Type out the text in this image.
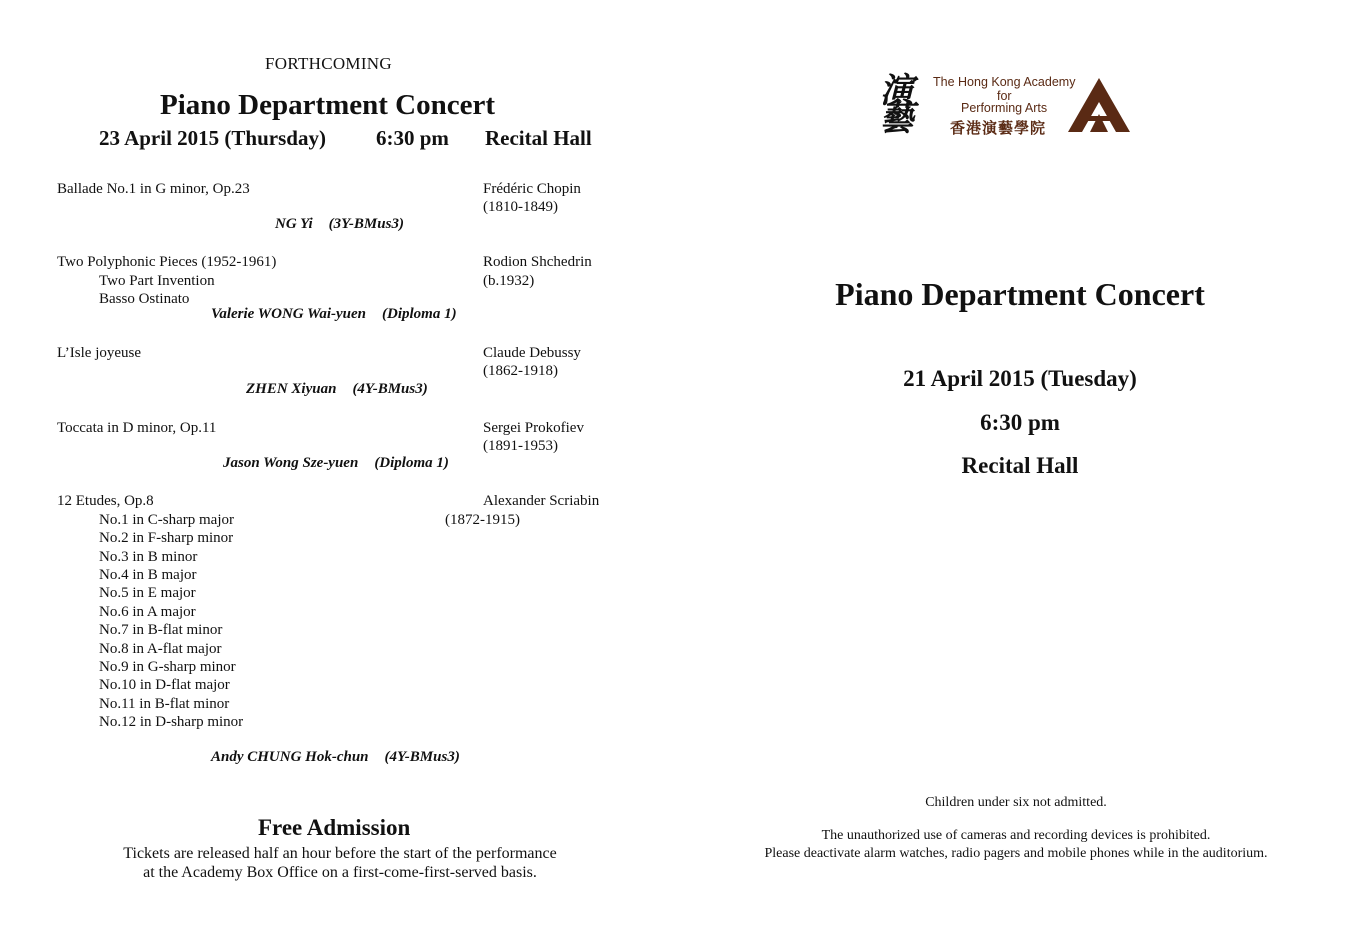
FORTHCOMING
Piano Department Concert
23 April 2015 (Thursday) 6:30 pm Recital Hall
Ballade No.1 in G minor, Op.23	Frédéric Chopin
(1810-1849)
NG Yi (3Y-BMus3)
Two Polyphonic Pieces (1952-1961)	Rodion Shchedrin
Two Part Invention	(b.1932)
Basso Ostinato
Valerie WONG Wai-yuen (Diploma 1)
L’Isle joyeuse	Claude Debussy
(1862-1918)
ZHEN Xiyuan (4Y-BMus3)
Toccata in D minor, Op.11	Sergei Prokofiev
(1891-1953)
Jason Wong Sze-yuen (Diploma 1)
12 Etudes, Op.8	Alexander Scriabin
(1872-1915)
No.1 in C-sharp major
No.2 in F-sharp minor
No.3 in B minor
No.4 in B major
No.5 in E major
No.6 in A major
No.7 in B-flat minor
No.8 in A-flat major
No.9 in G-sharp minor
No.10 in D-flat major
No.11 in B-flat minor
No.12 in D-sharp minor
Andy CHUNG Hok-chun (4Y-BMus3)
Free Admission
Tickets are released half an hour before the start of the performance
at the Academy Box Office on a first-come-first-served basis.
演藝 The Hong Kong Academy
for
Performing Arts
香港演藝學院
Piano Department Concert
21 April 2015 (Tuesday)
6:30 pm
Recital Hall
Children under six not admitted.
The unauthorized use of cameras and recording devices is prohibited.
Please deactivate alarm watches, radio pagers and mobile phones while in the auditorium.
